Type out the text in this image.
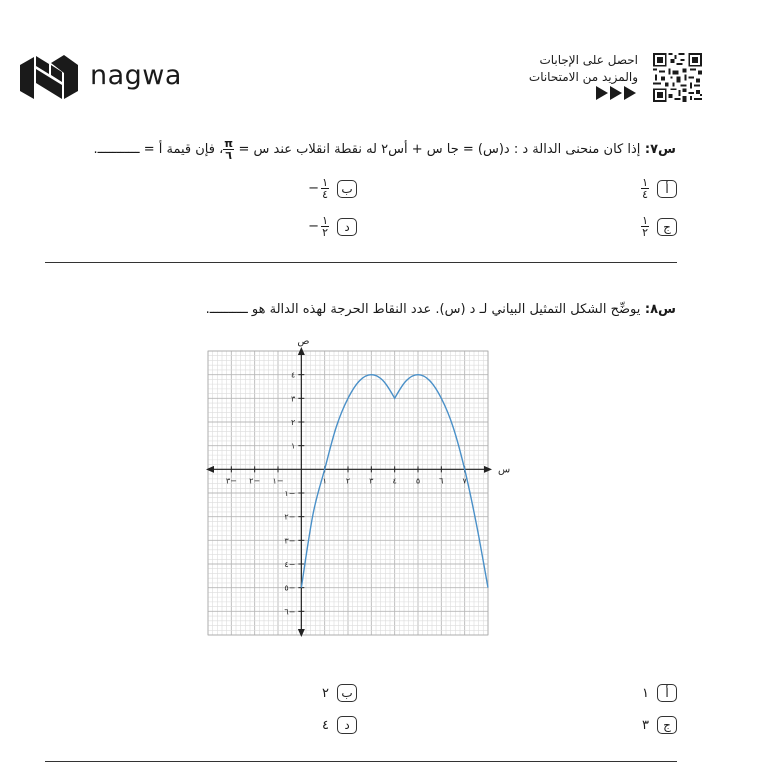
nagwa	احصل على الإجابات
والمزيد من الامتحانات
س٧: إذا كان منحنى الدالة د : د(س) = جا س + أس٢ له نقطة انقلاب عند س =
$\frac{\pi}{٦}$
، فإن قيمة أ = ـــــــــــ.
أ
$\frac{١}{٤}$
ب
$\frac{١}{٤}$
−
ج
$\frac{١}{٢}$
د
$\frac{١}{٢}$
−
س٨: يوضِّح الشكل التمثيل البياني لـ د (س). عدد النقاط الحرجة لهذه الدالة هو ــــــــــ.
س
ص
٣− ٢− ١− ٠ ١ ٢ ٣ ٤ ٥ ٦ ٧
٦−
٥−
٤−
٣−
٢−
١−
١
٢
٣
٤
أ
١
ب
٢
ج
٣
د
٤
